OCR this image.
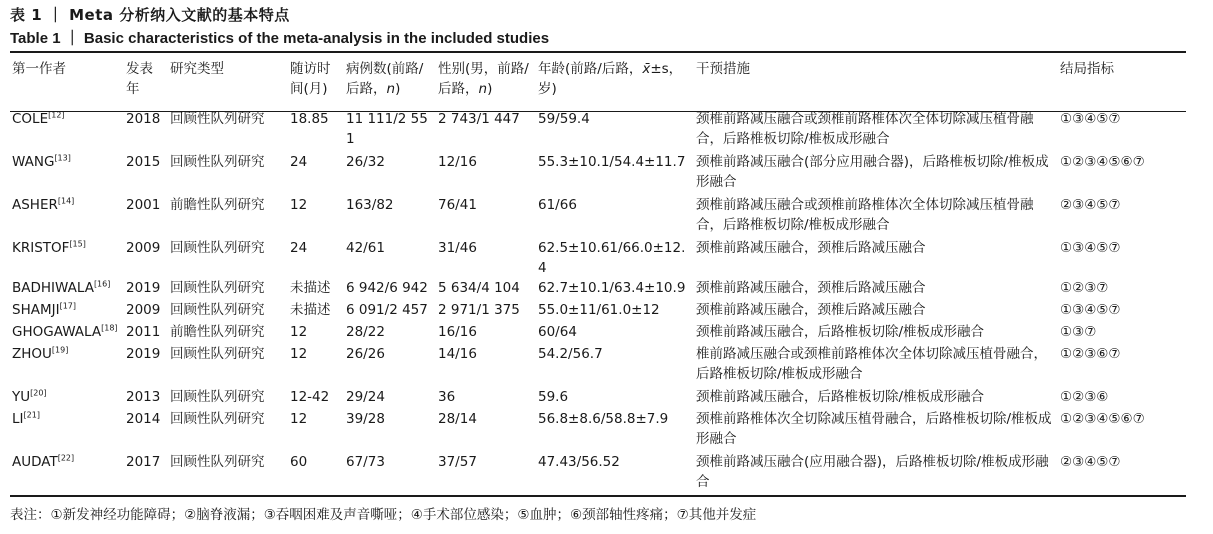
表 1 ｜ Meta 分析纳入文献的基本特点
Table 1 ｜ Basic characteristics of the meta-analysis in the included studies
第一作者	发表年	研究类型	随访时间(月)	病例数(前路/后路，n)	性别(男，前路/后路，n)	年龄(前路/后路，x̄±s，岁)	干预措施	结局指标
COLE[12]	2018	回顾性队列研究	18.85	11 111/2 551	2 743/1 447	59/59.4	颈椎前路减压融合或颈椎前路椎体次全体切除减压植骨融合，后路椎板切除/椎板成形融合	①③④⑤⑦
WANG[13]	2015	回顾性队列研究	24	26/32	12/16	55.3±10.1/54.4±11.7	颈椎前路减压融合(部分应用融合器)，后路椎板切除/椎板成形融合	①②③④⑤⑥⑦
ASHER[14]	2001	前瞻性队列研究	12	163/82	76/41	61/66	颈椎前路减压融合或颈椎前路椎体次全体切除减压植骨融合，后路椎板切除/椎板成形融合	②③④⑤⑦
KRISTOF[15]	2009	回顾性队列研究	24	42/61	31/46	62.5±10.61/66.0±12.4	颈椎前路减压融合，颈椎后路减压融合	①③④⑤⑦
BADHIWALA[16]	2019	回顾性队列研究	未描述	6 942/6 942	5 634/4 104	62.7±10.1/63.4±10.9	颈椎前路减压融合，颈椎后路减压融合	①②③⑦
SHAMJI[17]	2009	回顾性队列研究	未描述	6 091/2 457	2 971/1 375	55.0±11/61.0±12	颈椎前路减压融合，颈椎后路减压融合	①③④⑤⑦
GHOGAWALA[18]	2011	前瞻性队列研究	12	28/22	16/16	60/64	颈椎前路减压融合，后路椎板切除/椎板成形融合	①③⑦
ZHOU[19]	2019	回顾性队列研究	12	26/26	14/16	54.2/56.7	椎前路减压融合或颈椎前路椎体次全体切除减压植骨融合，后路椎板切除/椎板成形融合	①②③⑥⑦
YU[20]	2013	回顾性队列研究	12-42	29/24	36	59.6	颈椎前路减压融合，后路椎板切除/椎板成形融合	①②③⑥
LI[21]	2014	回顾性队列研究	12	39/28	28/14	56.8±8.6/58.8±7.9	颈椎前路椎体次全切除减压植骨融合，后路椎板切除/椎板成形融合	①②③④⑤⑥⑦
AUDAT[22]	2017	回顾性队列研究	60	67/73	37/57	47.43/56.52	颈椎前路减压融合(应用融合器)，后路椎板切除/椎板成形融合	②③④⑤⑦
表注：①新发神经功能障碍；②脑脊液漏；③吞咽困难及声音嘶哑；④手术部位感染；⑤血肿；⑥颈部轴性疼痛；⑦其他并发症
